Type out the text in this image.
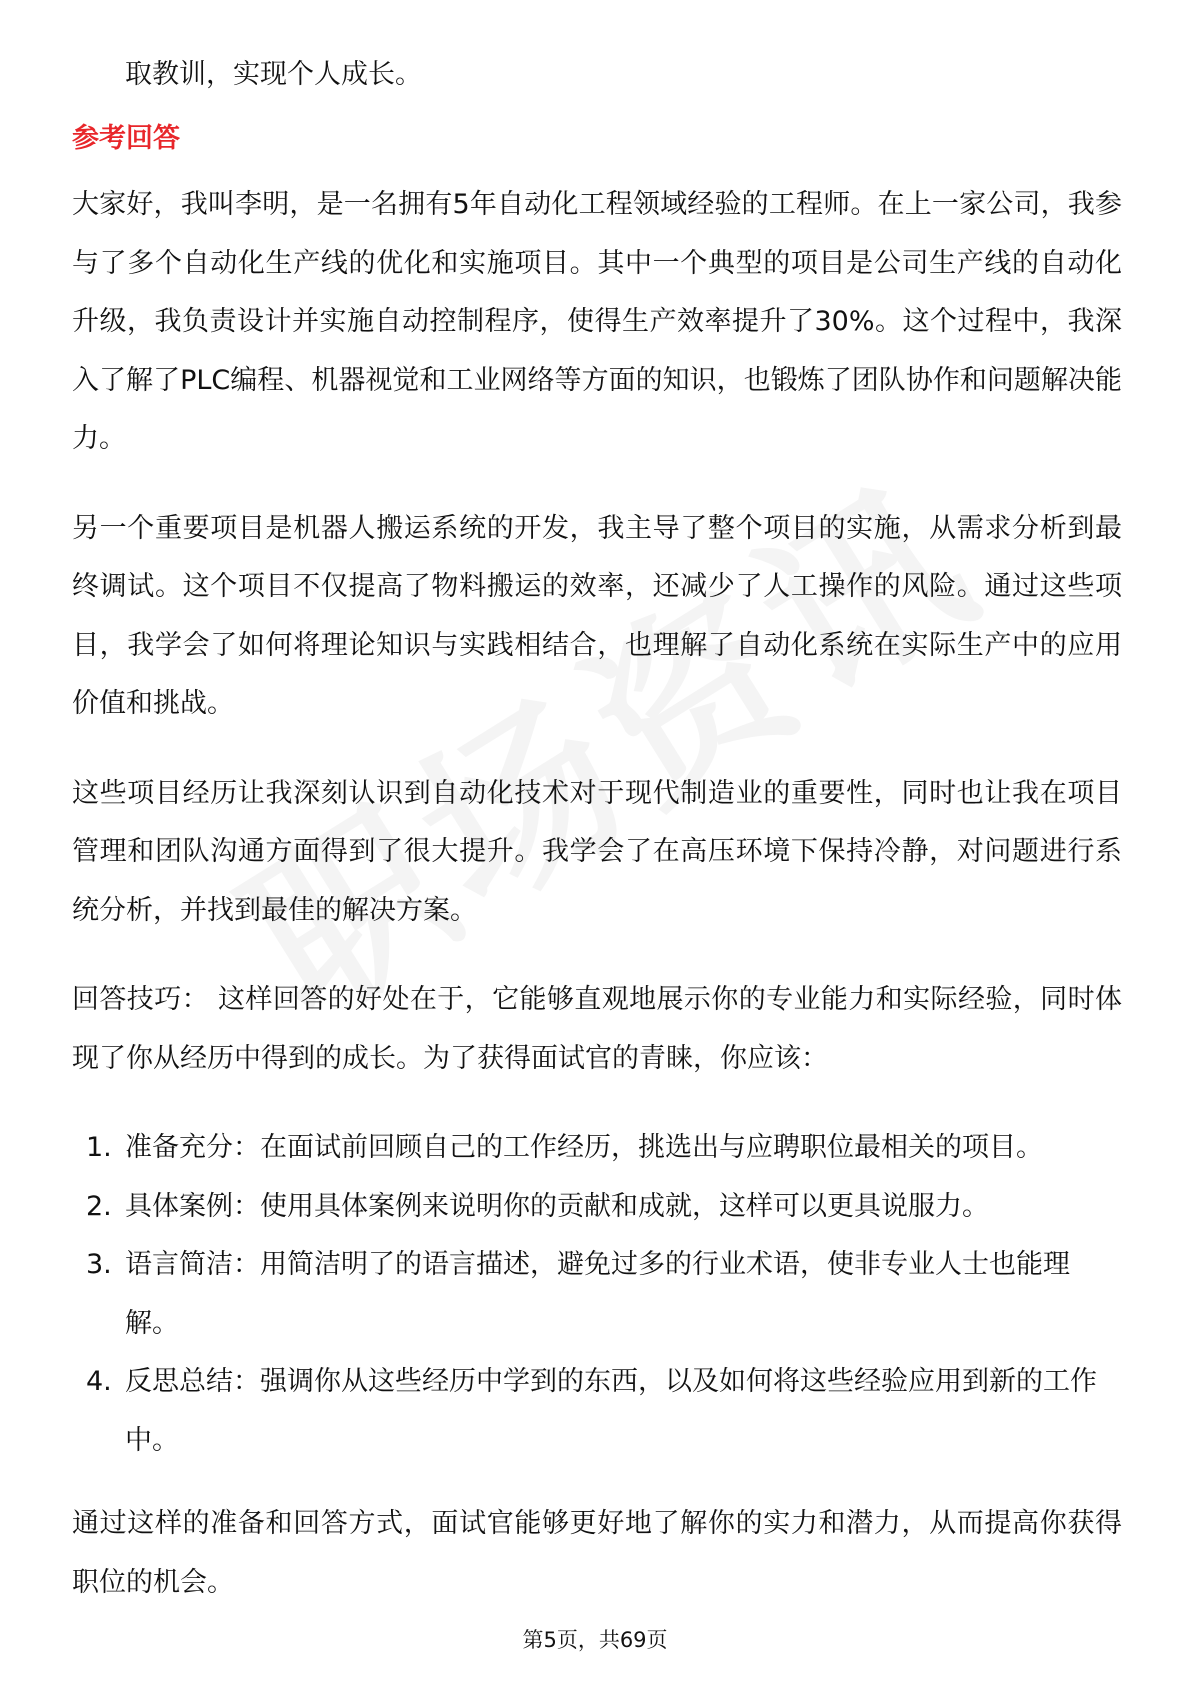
取教训，实现个人成长。

参考回答

大家好，我叫李明，是一名拥有5年自动化工程领域经验的工程师。在上一家公司，我参与了多个自动化生产线的优化和实施项目。其中一个典型的项目是公司生产线的自动化升级，我负责设计并实施自动控制程序，使得生产效率提升了30%。这个过程中，我深入了解了PLC编程、机器视觉和工业网络等方面的知识，也锻炼了团队协作和问题解决能力。

另一个重要项目是机器人搬运系统的开发，我主导了整个项目的实施，从需求分析到最终调试。这个项目不仅提高了物料搬运的效率，还减少了人工操作的风险。通过这些项目，我学会了如何将理论知识与实践相结合，也理解了自动化系统在实际生产中的应用价值和挑战。

这些项目经历让我深刻认识到自动化技术对于现代制造业的重要性，同时也让我在项目管理和团队沟通方面得到了很大提升。我学会了在高压环境下保持冷静，对问题进行系统分析，并找到最佳的解决方案。

回答技巧： 这样回答的好处在于，它能够直观地展示你的专业能力和实际经验，同时体现了你从经历中得到的成长。为了获得面试官的青睐，你应该：

1. 准备充分：在面试前回顾自己的工作经历，挑选出与应聘职位最相关的项目。
2. 具体案例：使用具体案例来说明你的贡献和成就，这样可以更具说服力。
3. 语言简洁：用简洁明了的语言描述，避免过多的行业术语，使非专业人士也能理解。
4. 反思总结：强调你从这些经历中学到的东西，以及如何将这些经验应用到新的工作中。

通过这样的准备和回答方式，面试官能够更好地了解你的实力和潜力，从而提高你获得职位的机会。

第5页，共69页
